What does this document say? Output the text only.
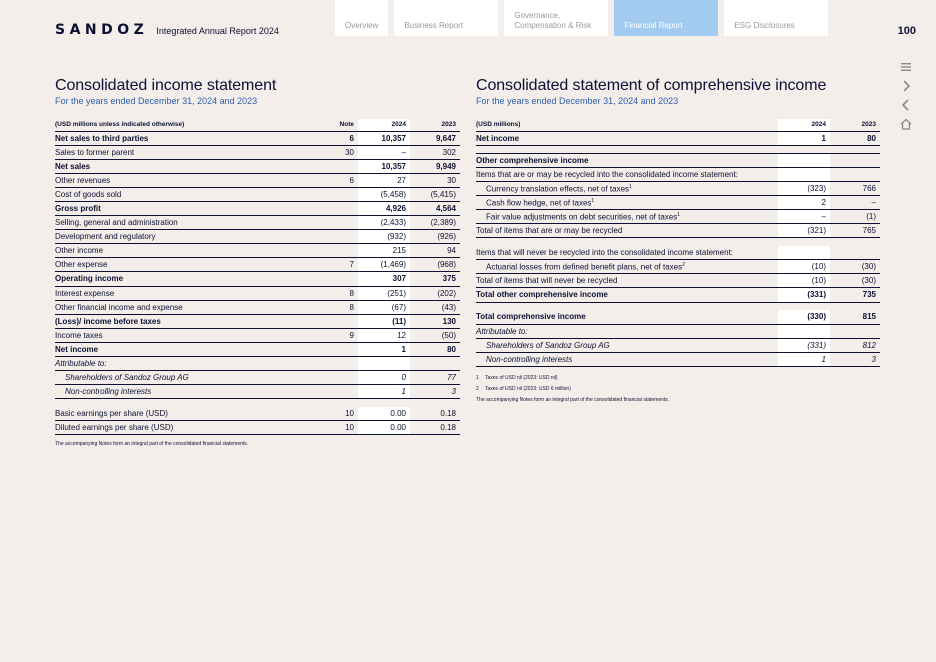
SANDOZ Integrated Annual Report 2024
Overview	Business Report
Governance, Compensation & Risk	Financial Report	ESG Disclosures	100
Consolidated income statement
For the years ended December 31, 2024 and 2023
(USD millions unless indicated otherwise)	Note	2024	2023
Net sales to third parties	6	10,357	9,647
Sales to former parent	30	–	302
Net sales		10,357	9,949
Other revenues	6	27	30
Cost of goods sold		(5,458)	(5,415)
Gross profit		4,926	4,564
Selling, general and administration		(2,433)	(2,389)
Development and regulatory		(932)	(926)
Other income		215	94
Other expense	7	(1,469)	(968)
Operating income		307	375
Interest expense	8	(251)	(202)
Other financial income and expense	8	(67)	(43)
(Loss)/ income before taxes		(11)	130
Income taxes	9	12	(50)
Net income		1	80
Attributable to:			
Shareholders of Sandoz Group AG		0	77
Non-controlling interests		1	3

Basic earnings per share (USD)	10	0.00	0.18
Diluted earnings per share (USD)	10	0.00	0.18
The accompanying Notes form an integral part of the consolidated financial statements.
Consolidated statement of comprehensive income
For the years ended December 31, 2024 and 2023
(USD millions)	2024	2023
Net income	1	80

Other comprehensive income		
Items that are or may be recycled into the consolidated income statement:		
Currency translation effects, net of taxes$^1$	(323)	766
Cash flow hedge, net of taxes$^1$	2	–
Fair value adjustments on debt securities, net of taxes$^1$	–	(1)
Total of items that are or may be recycled	(321)	765

Items that will never be recycled into the consolidated income statement:		
Actuarial losses from defined benefit plans, net of taxes$^2$	(10)	(30)
Total of items that will never be recycled	(10)	(30)
Total other comprehensive income	(331)	735

Total comprehensive income	(330)	815
Attributable to:		
Shareholders of Sandoz Group AG	(331)	812
Non-controlling interests	1	3
1 Taxes of USD nil (2023: USD nil)
2 Taxes of USD nil (2023: USD 6 million)
The accompanying Notes form an integral part of the consolidated financial statements.
